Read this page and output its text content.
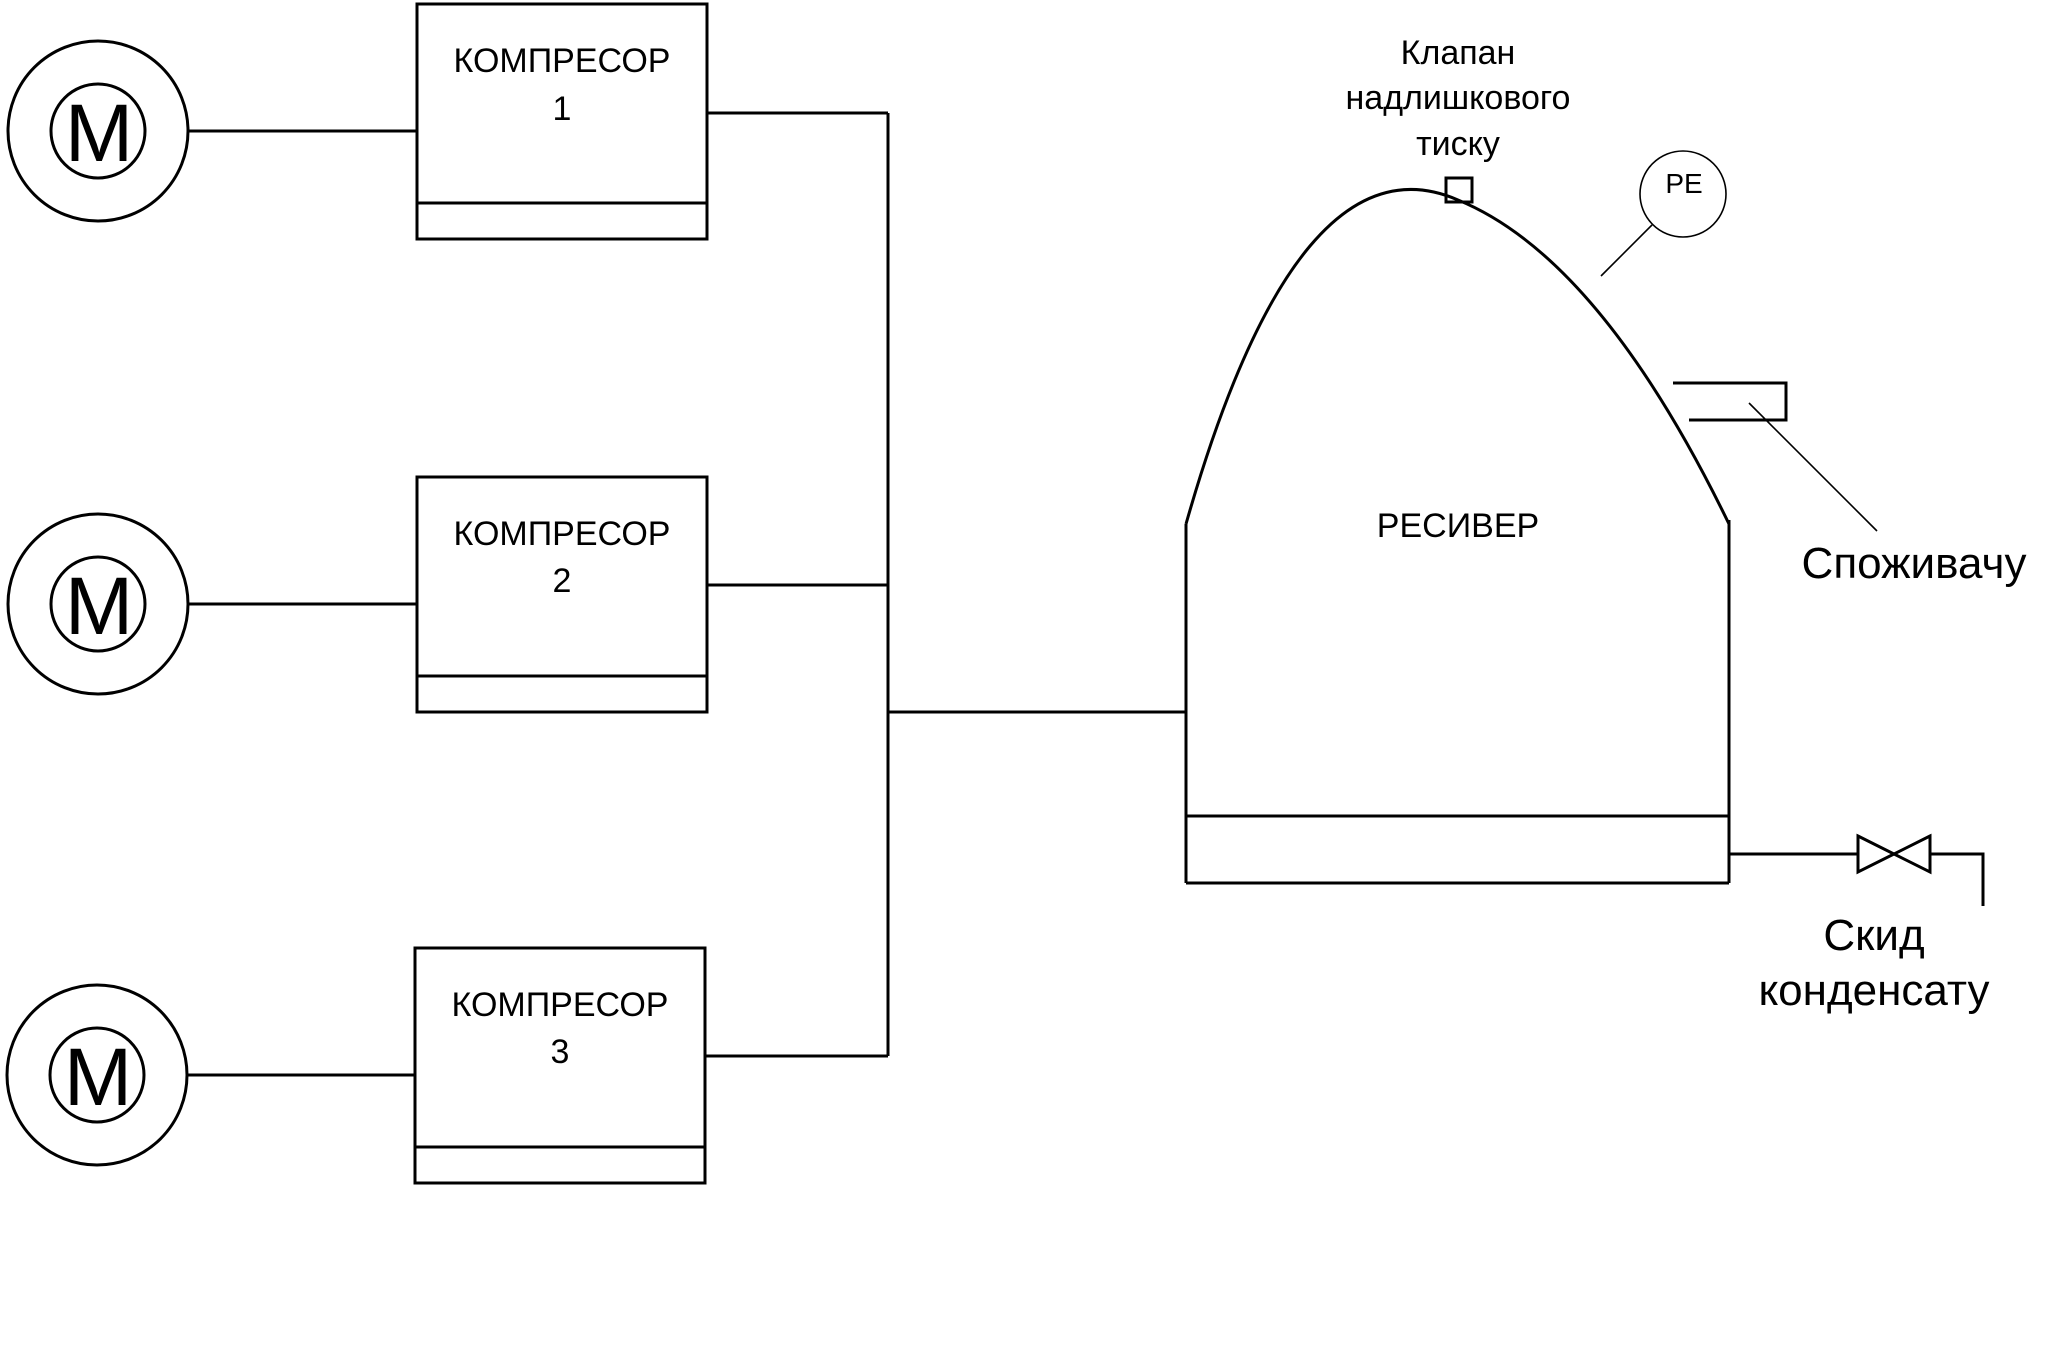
M
M
M
КОМПРЕСОР
1
КОМПРЕСОР
2
КОМПРЕСОР
3
РЕСИВЕР
Клапан
надлишкового
тиску
PE
Споживачу
Скид
конденсату
